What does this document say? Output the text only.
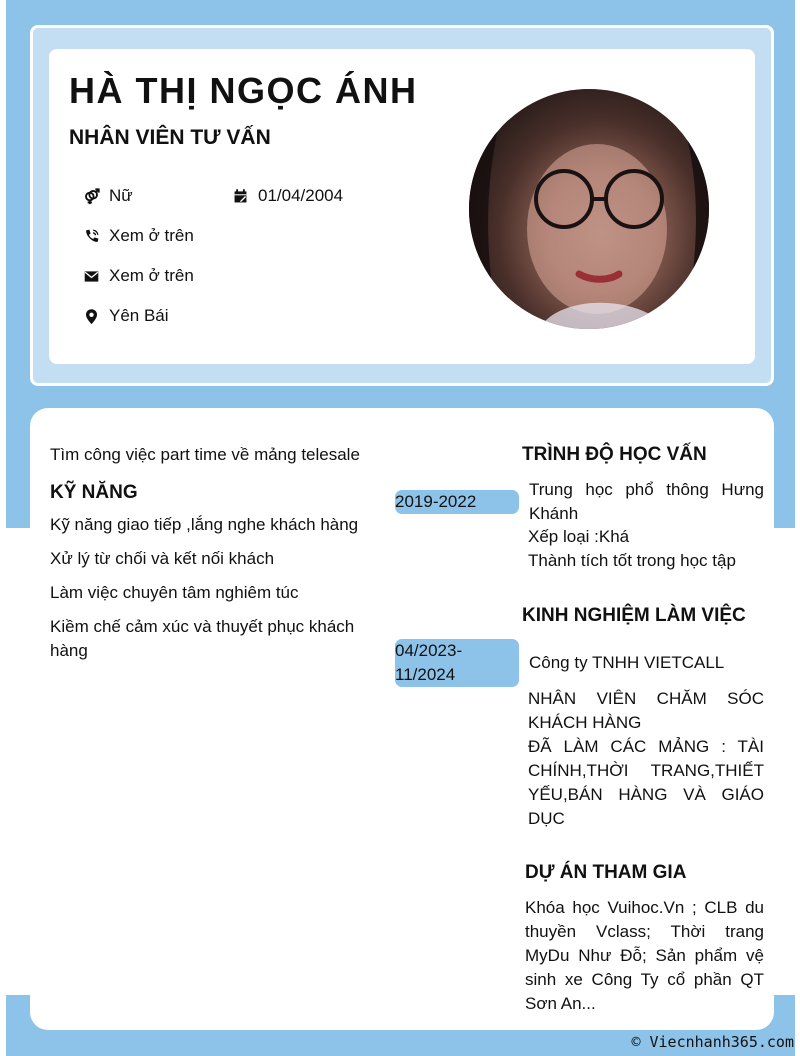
HÀ THỊ NGỌC ÁNH
NHÂN VIÊN TƯ VẤN
Nữ	01/04/2004
Xem ở trên
Xem ở trên
Yên Bái

Tìm công việc part time về mảng telesale

KỸ NĂNG

Kỹ năng giao tiếp ,lắng nghe khách hàng

Xử lý từ chối và kết nối khách

Làm việc chuyên tâm nghiêm túc

Kiềm chế cảm xúc và thuyết phục khách hàng

TRÌNH ĐỘ HỌC VẤN
2019-2022

Trung học phổ thông Hưng Khánh

Xếp loại :Khá

Thành tích tốt trong học tập

KINH NGHIỆM LÀM VIỆC
04/2023-11/2024

Công ty TNHH VIETCALL

NHÂN VIÊN CHĂM SÓC KHÁCH HÀNG

ĐÃ LÀM CÁC MẢNG : TÀI CHÍNH,THỜI TRANG,THIẾT YẾU,BÁN HÀNG VÀ GIÁO DỤC

DỰ ÁN THAM GIA

Khóa học Vuihoc.Vn ; CLB du thuyền Vclass; Thời trang MyDu Như Đỗ; Sản phẩm vệ sinh xe Công Ty cổ phần QT Sơn An...

© Viecnhanh365.com
